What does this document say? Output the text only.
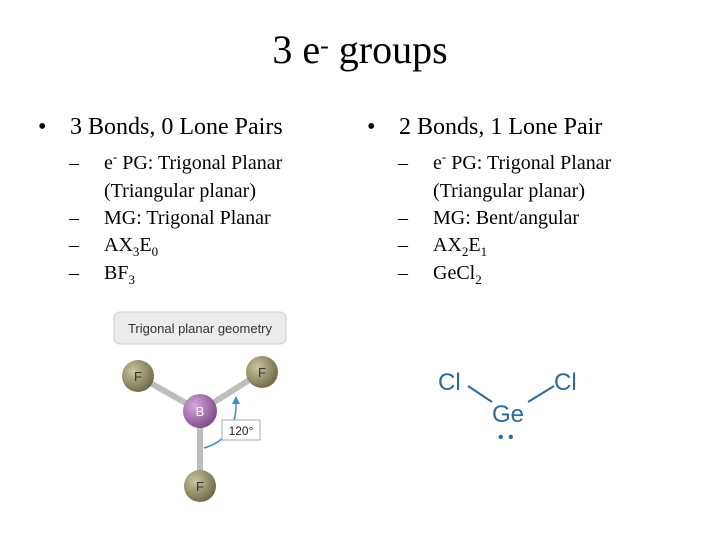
3 e- groups
• 3 Bonds, 0 Lone Pairs
– e- PG: Trigonal Planar
(Triangular planar)
– MG: Trigonal Planar
– $AX_3E_0$
– $BF_3$
• 2 Bonds, 1 Lone Pair
– e- PG: Trigonal Planar
(Triangular planar)
– MG: Bent/angular
– $AX_2E_1$
– GeCl$_2$
Trigonal planar geometry
120°
F	F
B
F
Cl	Cl
Ge
• •
